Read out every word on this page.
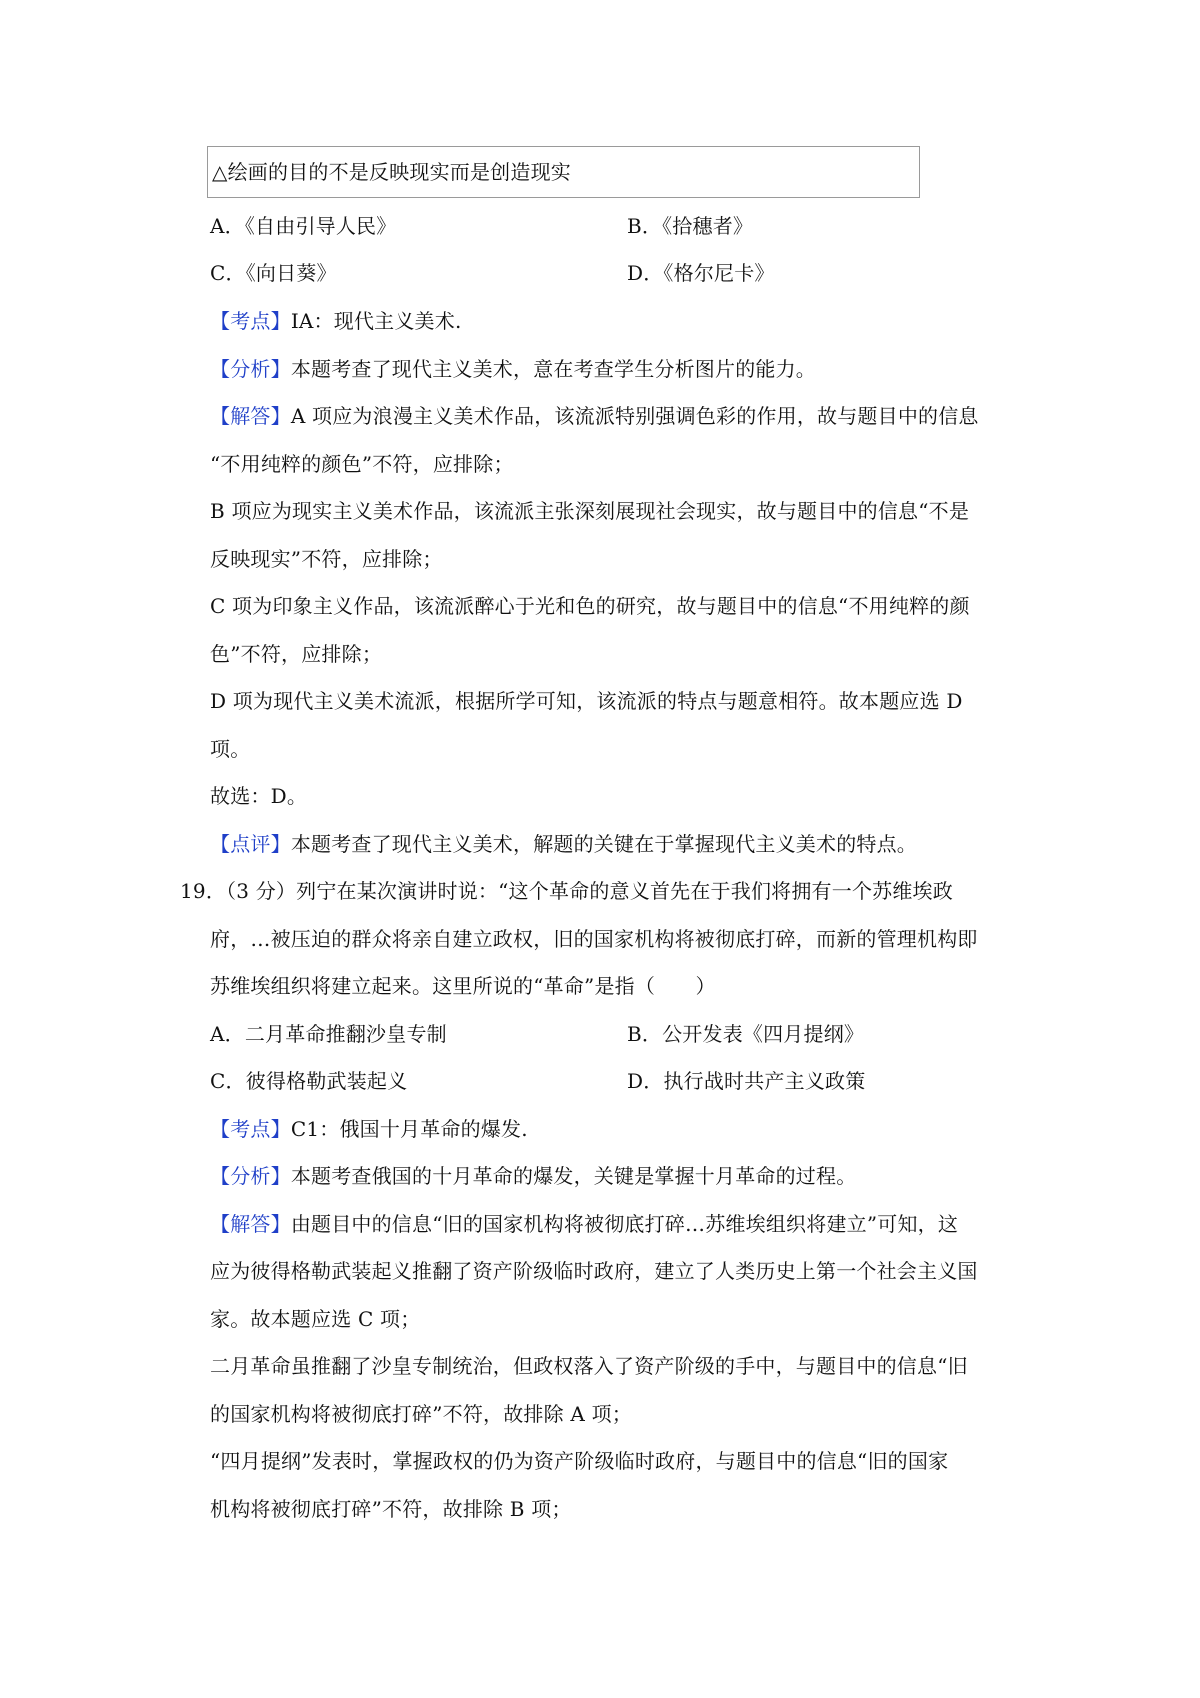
△绘画的目的不是反映现实而是创造现实
A．《自由引导人民》	B．《拾穗者》
C．《向日葵》	D．《格尔尼卡》
【考点】IA：现代主义美术.
【分析】本题考查了现代主义美术，意在考查学生分析图片的能力。
【解答】A 项应为浪漫主义美术作品，该流派特别强调色彩的作用，故与题目中的信息
“不用纯粹的颜色”不符，应排除；
B 项应为现实主义美术作品，该流派主张深刻展现社会现实，故与题目中的信息“不是
反映现实”不符，应排除；
C 项为印象主义作品，该流派醉心于光和色的研究，故与题目中的信息“不用纯粹的颜
色”不符，应排除；
D 项为现代主义美术流派，根据所学可知，该流派的特点与题意相符。故本题应选 D
项。
故选：D。
【点评】本题考查了现代主义美术，解题的关键在于掌握现代主义美术的特点。
19．（3 分）列宁在某次演讲时说：“这个革命的意义首先在于我们将拥有一个苏维埃政
府，…被压迫的群众将亲自建立政权，旧的国家机构将被彻底打碎，而新的管理机构即
苏维埃组织将建立起来。这里所说的“革命”是指（　　）
A．二月革命推翻沙皇专制	B．公开发表《四月提纲》
C．彼得格勒武装起义	D．执行战时共产主义政策
【考点】C1：俄国十月革命的爆发.
【分析】本题考查俄国的十月革命的爆发，关键是掌握十月革命的过程。
【解答】由题目中的信息“旧的国家机构将被彻底打碎…苏维埃组织将建立”可知，这
应为彼得格勒武装起义推翻了资产阶级临时政府，建立了人类历史上第一个社会主义国
家。故本题应选 C 项；
二月革命虽推翻了沙皇专制统治，但政权落入了资产阶级的手中，与题目中的信息“旧
的国家机构将被彻底打碎”不符，故排除 A 项；
“四月提纲”发表时，掌握政权的仍为资产阶级临时政府，与题目中的信息“旧的国家
机构将被彻底打碎”不符，故排除 B 项；
